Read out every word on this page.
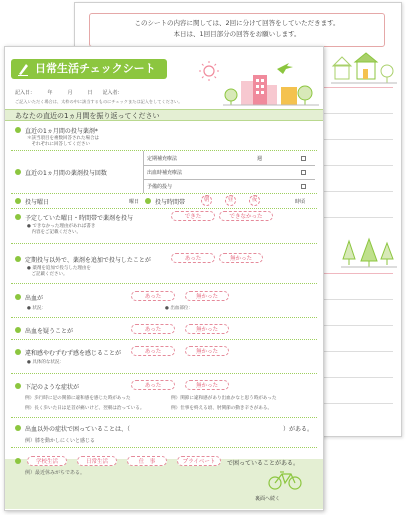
このシートの内容に関しては、2回に分けて回答をしていただきます。
本日は、1回目部分の回答をお願いします。
日常生活チェックシート
記入日：　　　年　　　月　　　日　　記入者：
ご記入いただく場合は、太枠の中に該当するものにチェックまたは記入をしてください。
あなたの直近の1ヵ月間を振り返ってください
直近の1ヵ月間の投与薬剤*
＊該当項目を複数回答された場合は
　それぞれに回答してください
直近の1ヵ月間の薬剤投与回数
定期補充療法	週
出血時補充療法
予備的投与
投与曜日	曜日	投与時間帯	朝	昼	夜	時頃
予定していた曜日・時間帯で薬剤を投与	できた	できなかった
● できなかった理由があれば書き
　内容をご記載ください。
定期投与以外で、薬剤を追加で投与したことが	あった	無かった
● 薬剤を追加で投与した理由を
　ご記載ください。
出血が	あった	無かった
● 状況：	● 出血部位：
出血を疑うことが	あった	無かった
違和感やむずむず感を感じることが	あった	無かった
● 具体的な状況：
下記のような症状が	あった	無かった
例）歩行時に足の関節に違和感を感じた時があった	例）関節に違和感があり出血かなと思う時があった
例）長く歩いた日は足首が痛いけど、翌朝は治っている。	例）仕事を終える頃、肘関節の動き辛さがある。
出血以外の症状で困っていることは、（	）がある。
例）膝を動かしにくいと感じる
学校生活	日常生活	仕　事	プライベート	で困っていることがある。
例）最近休みがちである。
裏面へ続く
